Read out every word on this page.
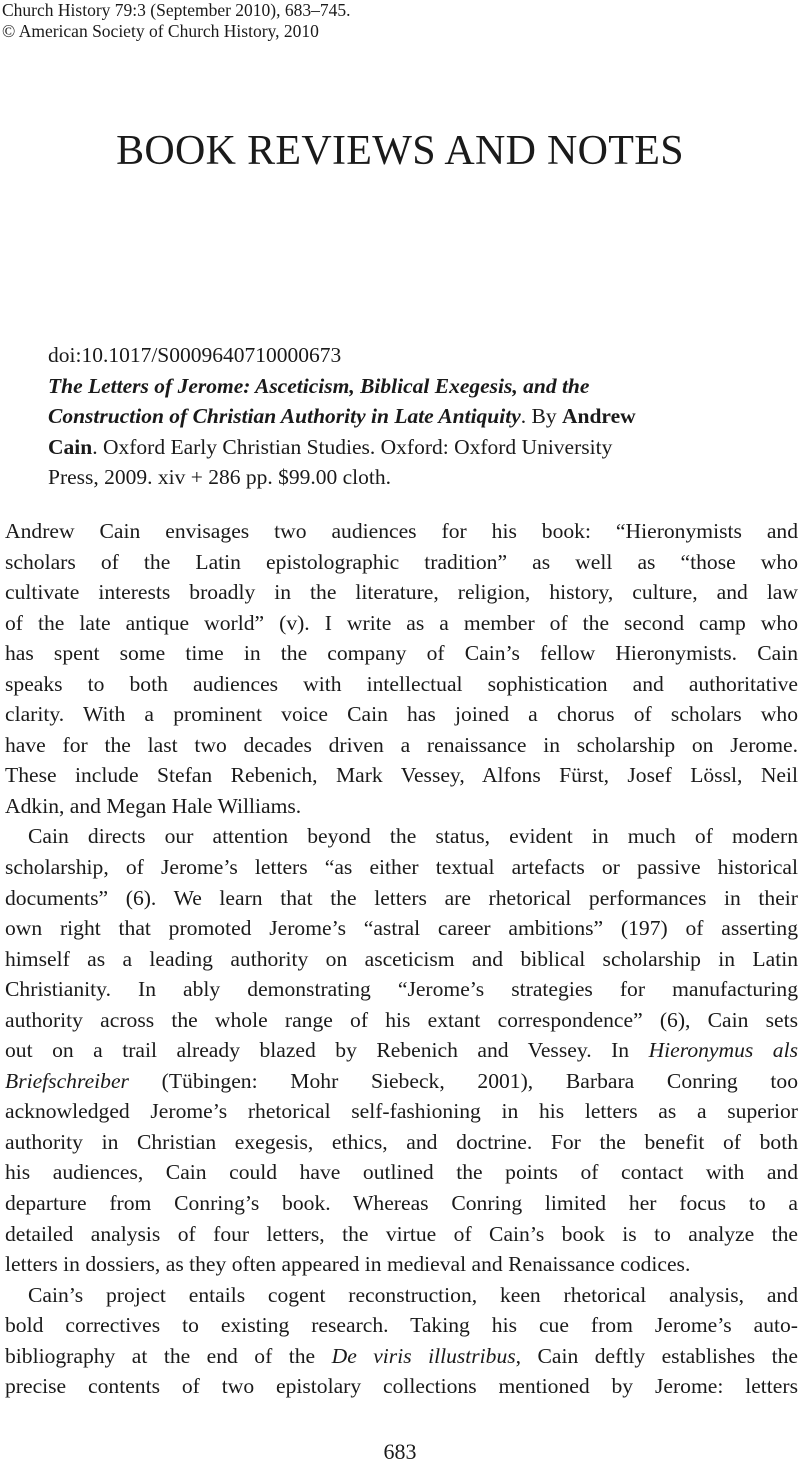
Church History 79:3 (September 2010), 683–745.
© American Society of Church History, 2010
BOOK REVIEWS AND NOTES
doi:10.1017/S0009640710000673
The Letters of Jerome: Asceticism, Biblical Exegesis, and the
Construction of Christian Authority in Late Antiquity. By Andrew
Cain. Oxford Early Christian Studies. Oxford: Oxford University
Press, 2009. xiv + 286 pp. $99.00 cloth.
Andrew Cain envisages two audiences for his book: “Hieronymists and
scholars of the Latin epistolographic tradition” as well as “those who
cultivate interests broadly in the literature, religion, history, culture, and law
of the late antique world” (v). I write as a member of the second camp who
has spent some time in the company of Cain’s fellow Hieronymists. Cain
speaks to both audiences with intellectual sophistication and authoritative
clarity. With a prominent voice Cain has joined a chorus of scholars who
have for the last two decades driven a renaissance in scholarship on Jerome.
These include Stefan Rebenich, Mark Vessey, Alfons Fürst, Josef Lössl, Neil
Adkin, and Megan Hale Williams.
Cain directs our attention beyond the status, evident in much of modern
scholarship, of Jerome’s letters “as either textual artefacts or passive historical
documents” (6). We learn that the letters are rhetorical performances in their
own right that promoted Jerome’s “astral career ambitions” (197) of asserting
himself as a leading authority on asceticism and biblical scholarship in Latin
Christianity. In ably demonstrating “Jerome’s strategies for manufacturing
authority across the whole range of his extant correspondence” (6), Cain sets
out on a trail already blazed by Rebenich and Vessey. In Hieronymus als
Briefschreiber (Tübingen: Mohr Siebeck, 2001), Barbara Conring too
acknowledged Jerome’s rhetorical self-fashioning in his letters as a superior
authority in Christian exegesis, ethics, and doctrine. For the benefit of both
his audiences, Cain could have outlined the points of contact with and
departure from Conring’s book. Whereas Conring limited her focus to a
detailed analysis of four letters, the virtue of Cain’s book is to analyze the
letters in dossiers, as they often appeared in medieval and Renaissance codices.
Cain’s project entails cogent reconstruction, keen rhetorical analysis, and
bold correctives to existing research. Taking his cue from Jerome’s auto-
bibliography at the end of the De viris illustribus, Cain deftly establishes the
precise contents of two epistolary collections mentioned by Jerome: letters
683
